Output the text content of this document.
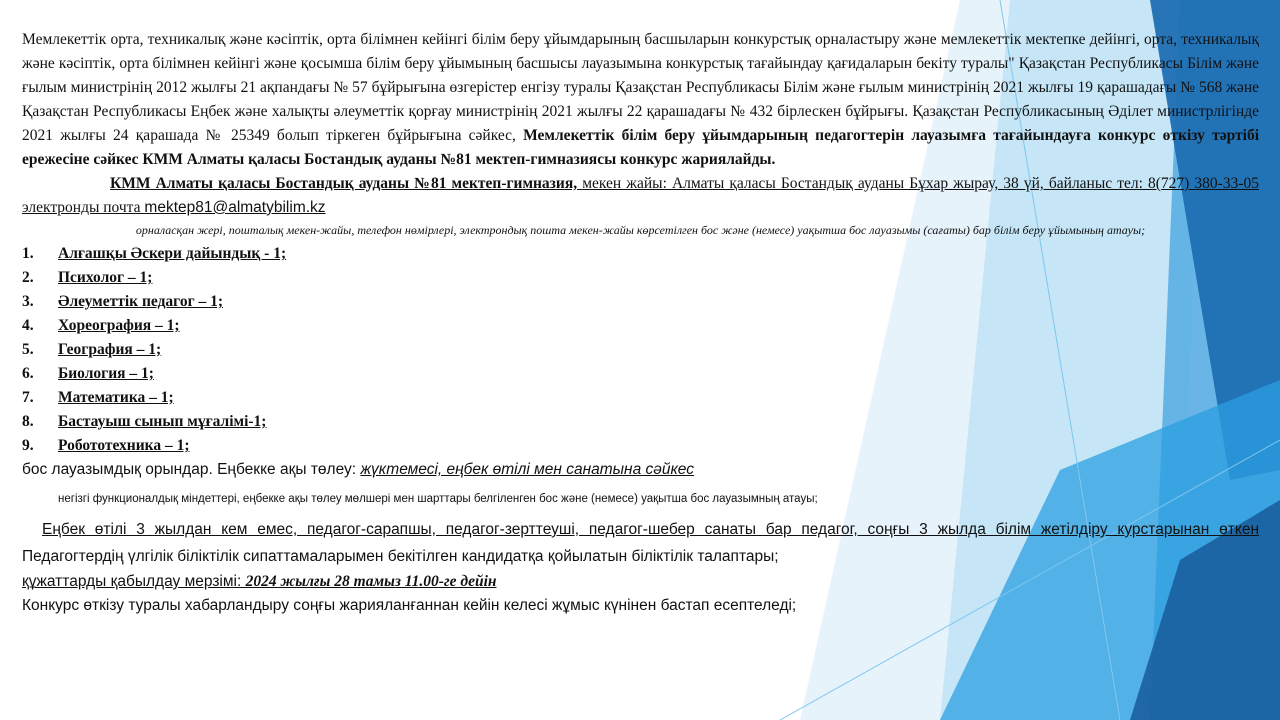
Мемлекеттік орта, техникалық және кәсіптік, орта білімнен кейінгі білім беру ұйымдарының басшыларын конкурстық орналастыру және мемлекеттік мектепке дейінгі, орта, техникалық және кәсіптік, орта білімнен кейінгі және қосымша білім беру ұйымының басшысы лауазымына конкурстық тағайындау қағидаларын бекіту туралы" Қазақстан Республикасы Білім және ғылым министрінің 2012 жылғы 21 ақпандағы № 57 бұйрығына өзгерістер енгізу туралы Қазақстан Республикасы Білім және ғылым министрінің 2021 жылғы 19 қарашадағы № 568 және Қазақстан Республикасы Еңбек және халықты әлеуметтік қорғау министрінің 2021 жылғы 22 қарашадағы № 432 бірлескен бұйрығы. Қазақстан Республикасының Әділет министрлігінде 2021 жылғы 24 қарашада № 25349 болып тіркеген бұйрығына сәйкес, Мемлекеттік білім беру ұйымдарының педагогтерін лауазымға тағайындауға конкурс өткізу тәртібі ережесіне сәйкес КММ Алматы қаласы Бостандық ауданы №81 мектеп-гимназиясы конкурс жариялайды.

КММ Алматы қаласы Бостандық ауданы №81 мектеп-гимназия, мекен жайы: Алматы қаласы Бостандық ауданы Бұхар жырау, 38 үй, байланыс тел: 8(727) 380-33-05 электронды почта mektep81@almatybilim.kz

орналасқан жері, пошталық мекен-жайы, телефон нөмірлері, электрондық пошта мекен-жайы көрсетілген бос және (немесе) уақытша бос лауазымы (сағаты) бар білім беру ұйымының атауы;

1. Алғашқы Әскери дайындық - 1;
2. Психолог – 1;
3. Әлеуметтік педагог – 1;
4. Хореография – 1;
5. География – 1;
6. Биология – 1;
7. Математика – 1;
8. Бастауыш сынып мұғалімі-1;
9. Робототехника – 1;

бос лауазымдық орындар. Еңбекке ақы төлеу: жүктемесі, еңбек өтілі мен санатына сәйкес

негізгі функционалдық міндеттері, еңбекке ақы төлеу мөлшері мен шарттары белгіленген бос және (немесе) уақытша бос лауазымның атауы;

Еңбек өтілі 3 жылдан кем емес, педагог-сарапшы, педагог-зерттеуші, педагог-шебер санаты бар педагог, соңғы 3 жылда білім жетілдіру курстарынан өткен Педагогтердің үлгілік біліктілік сипаттамаларымен бекітілген кандидатқа қойылатын біліктілік талаптары;

құжаттарды қабылдау мерзімі: 2024 жылғы 28 тамыз 11.00-ге дейін

Конкурс өткізу туралы хабарландыру соңғы жарияланғаннан кейін келесі жұмыс күнінен бастап есептеледі;
